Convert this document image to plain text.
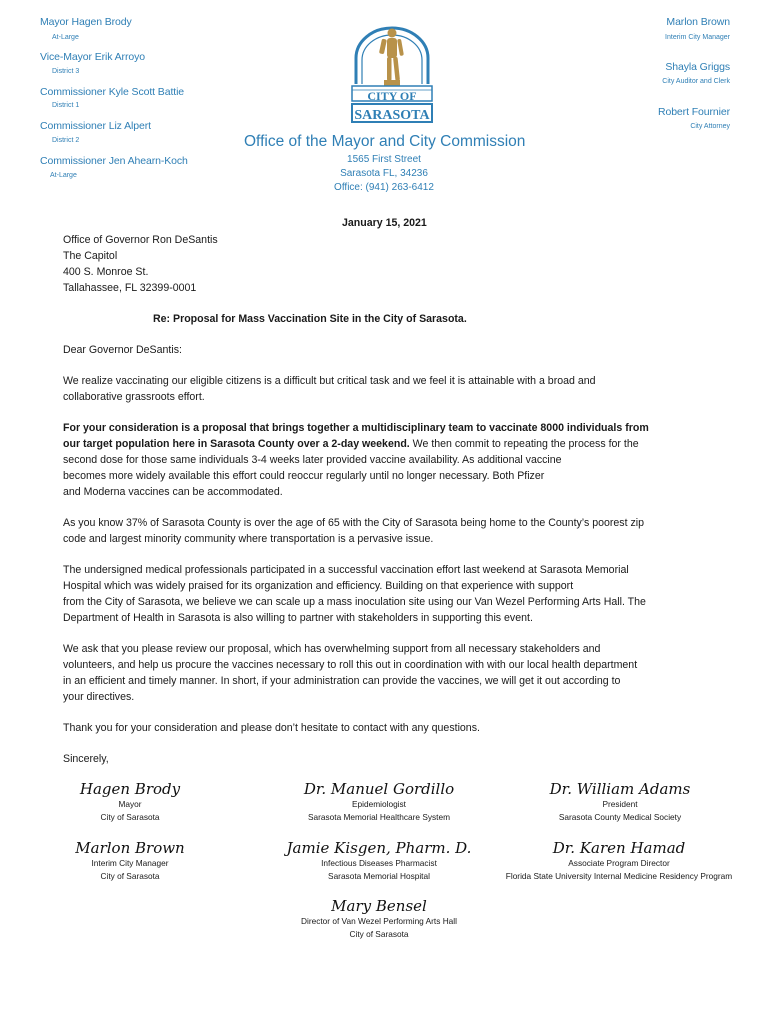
Mayor Hagen Brody
At-Large
Vice-Mayor Erik Arroyo
District 3
Commissioner Kyle Scott Battie
District 1
Commissioner Liz Alpert
District 2
Commissioner Jen Ahearn-Koch
At-Large
Marlon Brown
Interim City Manager
Shayla Griggs
City Auditor and Clerk
Robert Fournier
City Attorney
CITY OF
SARASOTA
Office of the Mayor and City Commission
1565 First Street
Sarasota FL, 34236
Office: (941) 263-6412
January 15, 2021
Office of Governor Ron DeSantis
The Capitol
400 S. Monroe St.
Tallahassee, FL 32399-0001
Re: Proposal for Mass Vaccination Site in the City of Sarasota.
Dear Governor DeSantis:
We realize vaccinating our eligible citizens is a difficult but critical task and we feel it is attainable with a broad and
collaborative grassroots effort.
For your consideration is a proposal that brings together a multidisciplinary team to vaccinate 8000 individuals from
our target population here in Sarasota County over a 2-day weekend. We then commit to repeating the process for the
second dose for those same individuals 3-4 weeks later provided vaccine availability. As additional vaccine
becomes more widely available this effort could reoccur regularly until no longer necessary. Both Pfizer
and Moderna vaccines can be accommodated.
As you know 37% of Sarasota County is over the age of 65 with the City of Sarasota being home to the County’s poorest zip
code and largest minority community where transportation is a pervasive issue.
The undersigned medical professionals participated in a successful vaccination effort last weekend at Sarasota Memorial
Hospital which was widely praised for its organization and efficiency. Building on that experience with support
from the City of Sarasota, we believe we can scale up a mass inoculation site using our Van Wezel Performing Arts Hall. The
Department of Health in Sarasota is also willing to partner with stakeholders in supporting this event.
We ask that you please review our proposal, which has overwhelming support from all necessary stakeholders and
volunteers, and help us procure the vaccines necessary to roll this out in coordination with with our local health department
in an efficient and timely manner. In short, if your administration can provide the vaccines, we will get it out according to
your directives.
Thank you for your consideration and please don’t hesitate to contact with any questions.
Sincerely,
Hagen Brody
Mayor
City of Sarasota
Dr. Manuel Gordillo
Epidemiologist
Sarasota Memorial Healthcare System
Dr. William Adams
President
Sarasota County Medical Society
Marlon Brown
Interim City Manager
City of Sarasota
Jamie Kisgen, Pharm. D.
Infectious Diseases Pharmacist
Sarasota Memorial Hospital
Dr. Karen Hamad
Associate Program Director
Florida State University Internal Medicine Residency Program
Mary Bensel
Director of Van Wezel Performing Arts Hall
City of Sarasota
